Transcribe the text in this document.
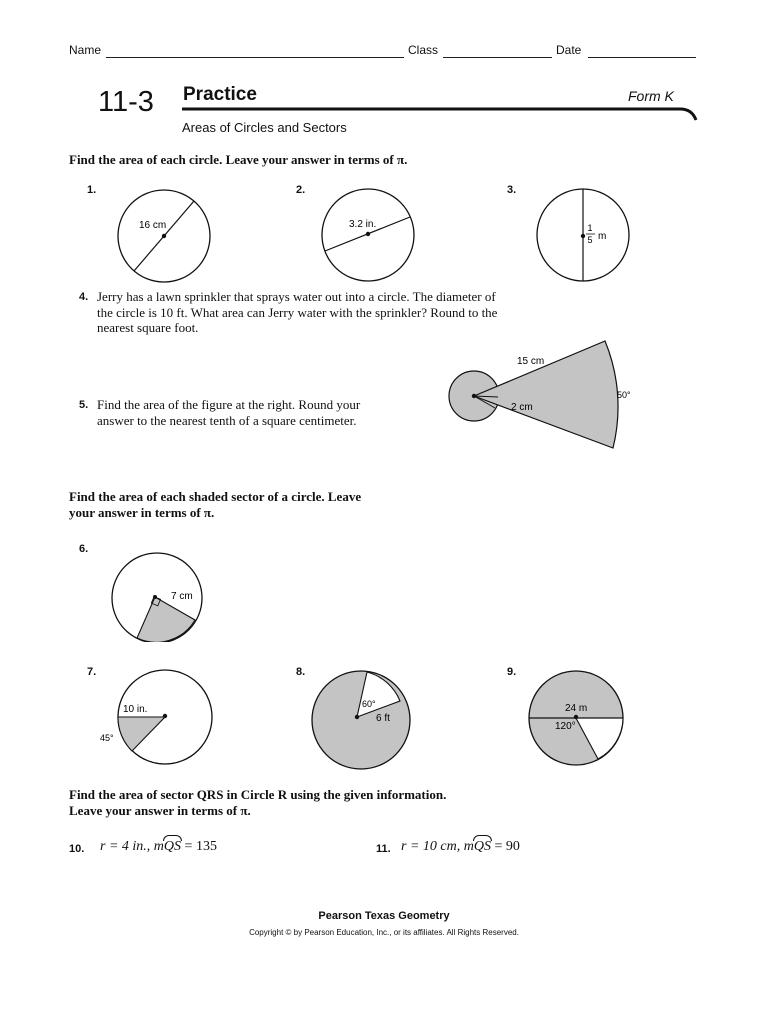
Name	Class	Date
11-3 Practice	Form K
Areas of Circles and Sectors
Find the area of each circle. Leave your answer in terms of π.
1.
16 cm
2.
3.2 in.
3.
1
5 m
4. Jerry has a lawn sprinkler that sprays water out into a circle. The diameter of
the circle is 10 ft. What area can Jerry water with the sprinkler? Round to the
nearest square foot.
5. Find the area of the figure at the right. Round your
answer to the nearest tenth of a square centimeter.
15 cm
2 cm
50°
Find the area of each shaded sector of a circle. Leave
your answer in terms of π.
6.
7 cm
7.
10 in.
45°
8.
60°
6 ft
9.
24 m
120°
Find the area of sector QRS in Circle R using the given information.
Leave your answer in terms of π.
10. r = 4 in., m
QS = 135	11. r = 10 cm, m
QS = 90
Pearson Texas Geometry
Copyright © by Pearson Education, Inc., or its affiliates. All Rights Reserved.
